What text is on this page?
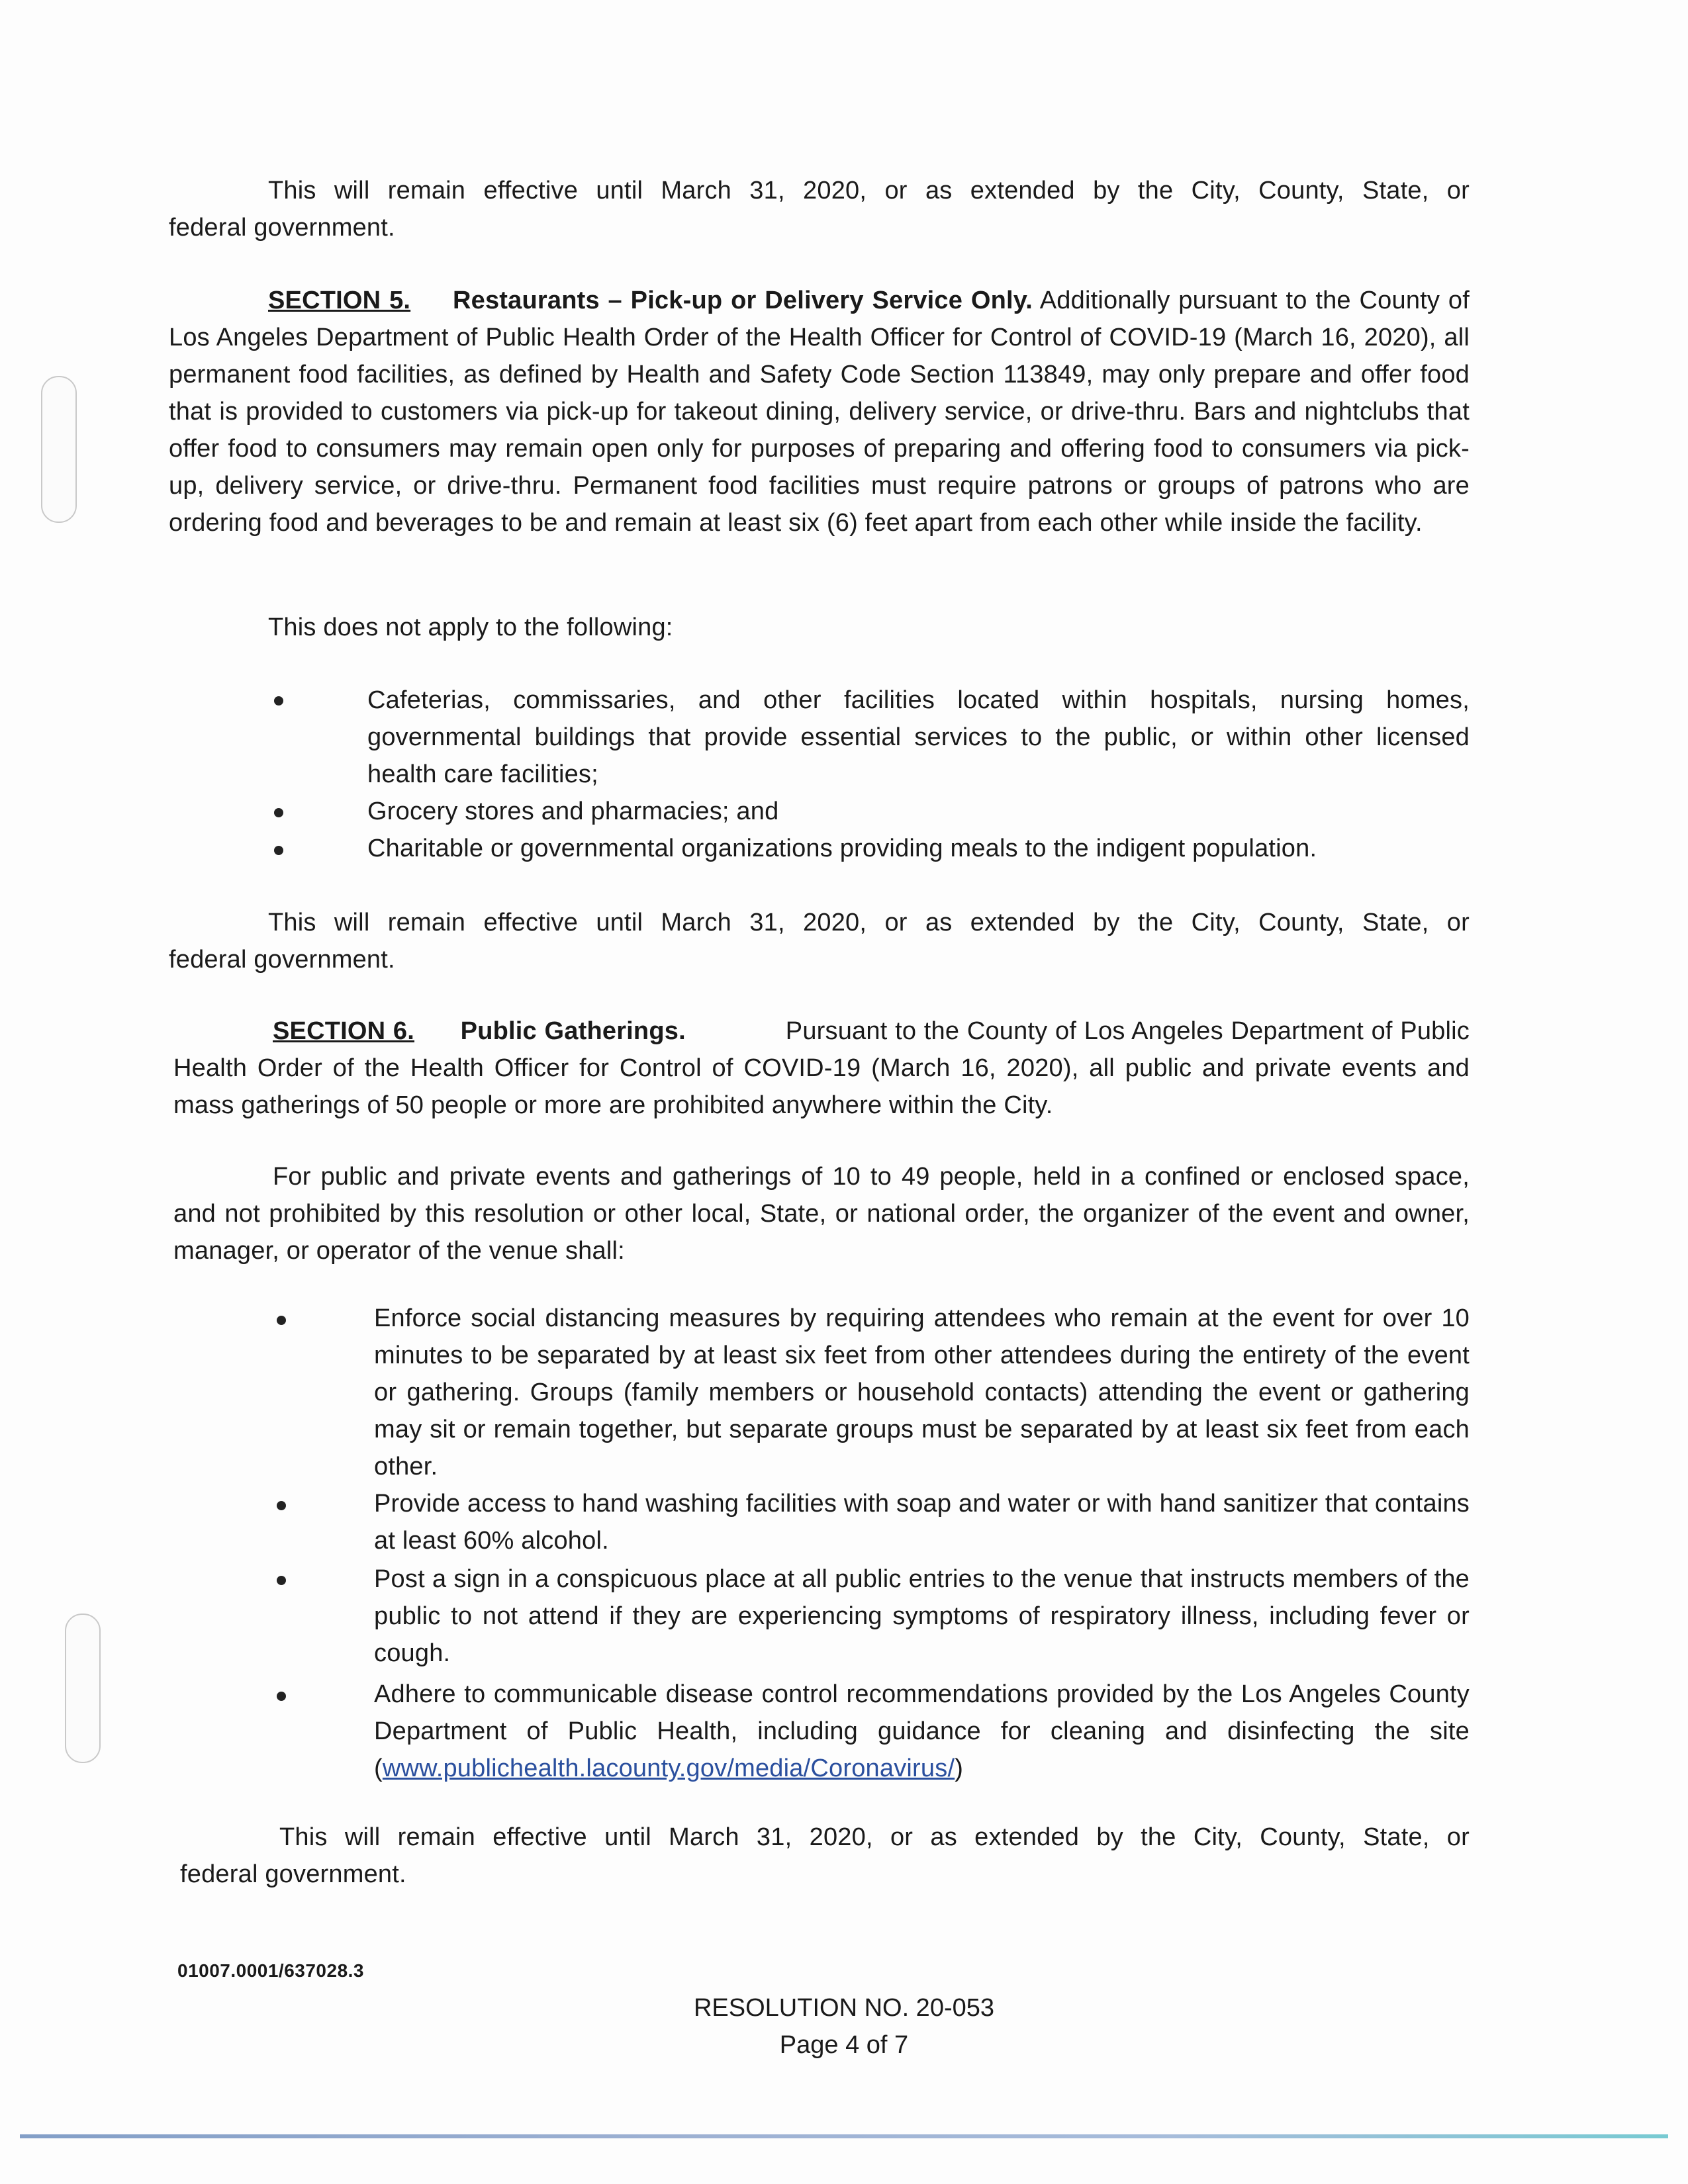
This will remain effective until March 31, 2020, or as extended by the City, County, State, or
federal government.
SECTION 5. Restaurants – Pick-up or Delivery Service Only. Additionally pursuant to the County of Los Angeles Department of Public Health Order of the Health Officer for Control of COVID-19 (March 16, 2020), all permanent food facilities, as defined by Health and Safety Code Section 113849, may only prepare and offer food that is provided to customers via pick-up for takeout dining, delivery service, or drive-thru. Bars and nightclubs that offer food to consumers may remain open only for purposes of preparing and offering food to consumers via pick-up, delivery service, or drive-thru. Permanent food facilities must require patrons or groups of patrons who are ordering food and beverages to be and remain at least six (6) feet apart from each other while inside the facility.
This does not apply to the following:
Cafeterias, commissaries, and other facilities located within hospitals, nursing homes, governmental buildings that provide essential services to the public, or within other licensed health care facilities;
Grocery stores and pharmacies; and
Charitable or governmental organizations providing meals to the indigent population.
This will remain effective until March 31, 2020, or as extended by the City, County, State, or
federal government.
SECTION 6. Public Gatherings.	Pursuant to the County of Los Angeles Department of Public Health Order of the Health Officer for Control of COVID-19 (March 16, 2020), all public and private events and mass gatherings of 50 people or more are prohibited anywhere within the City.
For public and private events and gatherings of 10 to 49 people, held in a confined or enclosed space, and not prohibited by this resolution or other local, State, or national order, the organizer of the event and owner, manager, or operator of the venue shall:
Enforce social distancing measures by requiring attendees who remain at the event for over 10 minutes to be separated by at least six feet from other attendees during the entirety of the event or gathering. Groups (family members or household contacts) attending the event or gathering may sit or remain together, but separate groups must be separated by at least six feet from each other.
Provide access to hand washing facilities with soap and water or with hand sanitizer that contains at least 60% alcohol.
Post a sign in a conspicuous place at all public entries to the venue that instructs members of the public to not attend if they are experiencing symptoms of respiratory illness, including fever or cough.
Adhere to communicable disease control recommendations provided by the Los Angeles County Department of Public Health, including guidance for cleaning and disinfecting the site (www.publichealth.lacounty.gov/media/Coronavirus/)
This will remain effective until March 31, 2020, or as extended by the City, County, State, or
federal government.
01007.0001/637028.3
RESOLUTION NO. 20-053
Page 4 of 7
